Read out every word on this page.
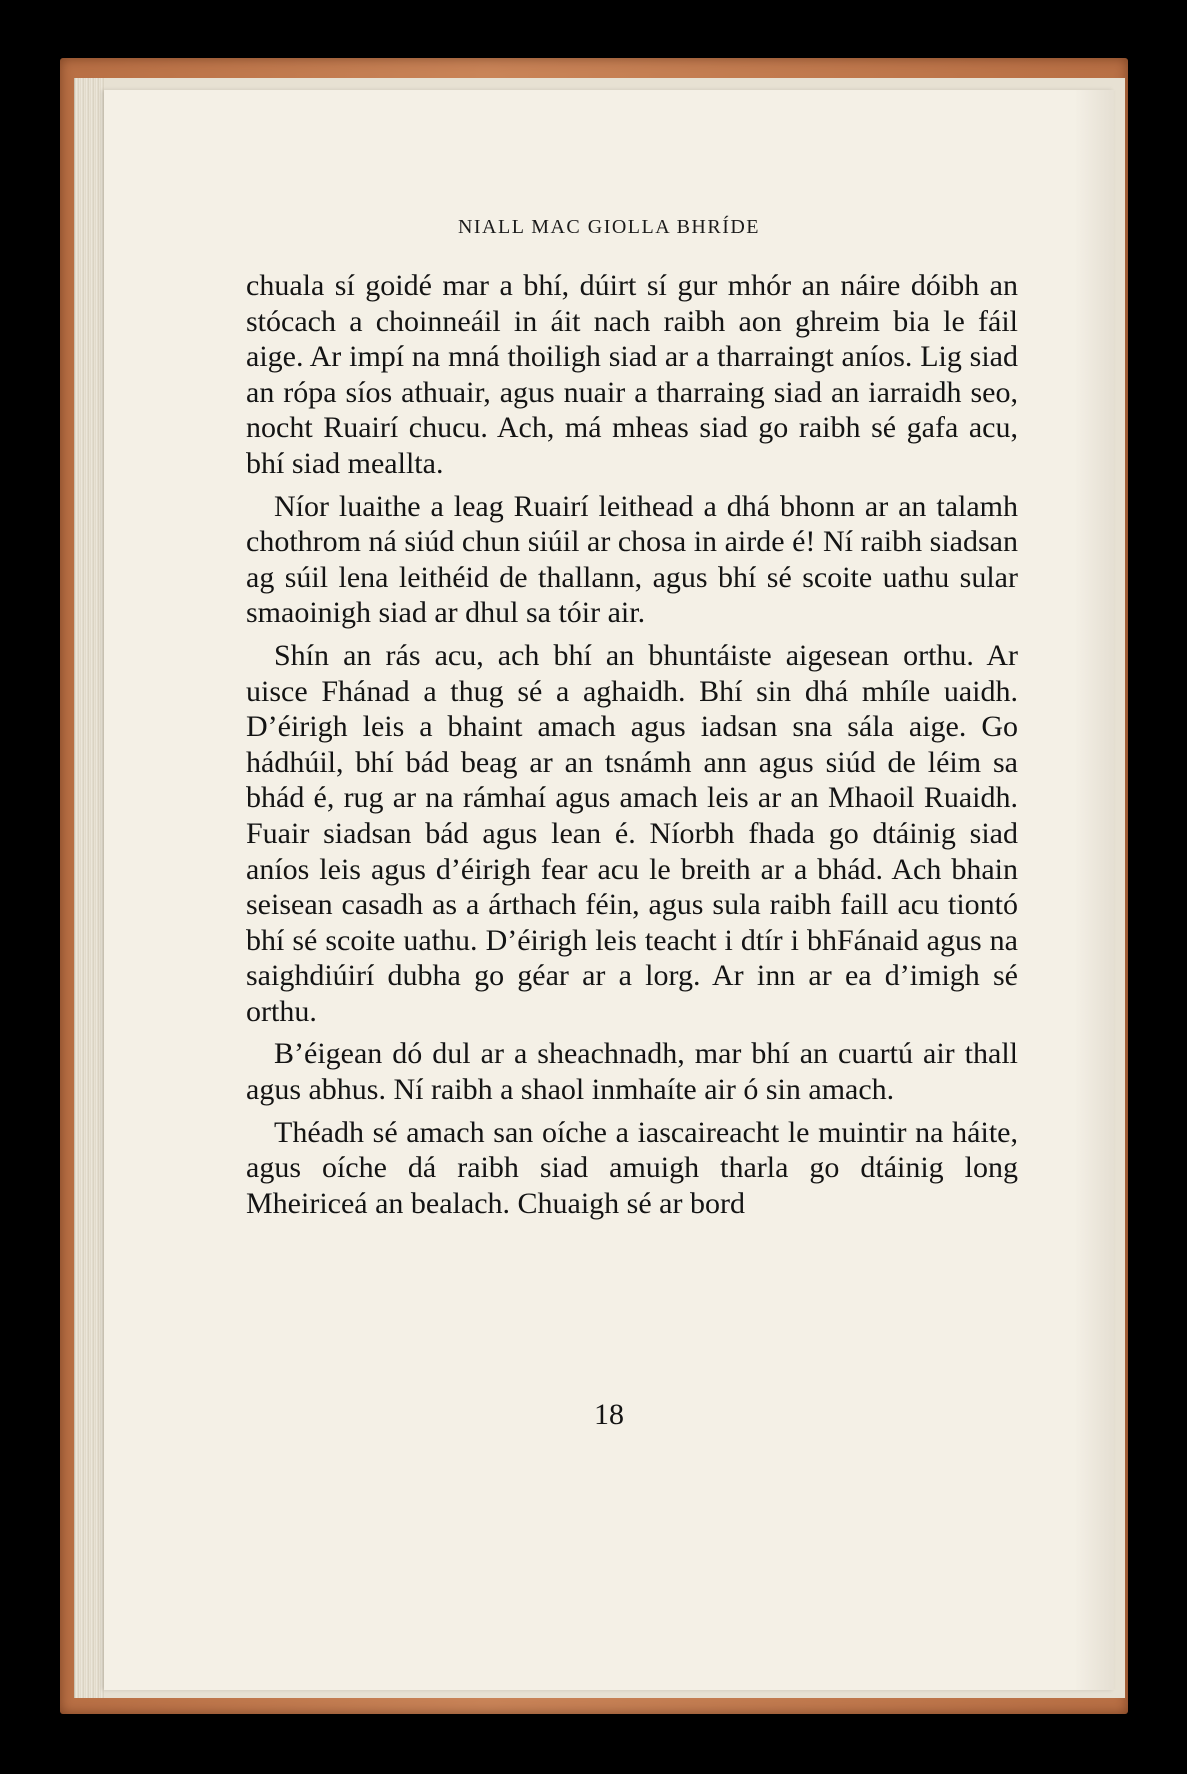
NIALL MAC GIOLLA BHRÍDE

chuala sí goidé mar a bhí, dúirt sí gur mhór an náire dóibh an stócach a choinneáil in áit nach raibh aon ghreim bia le fáil aige. Ar impí na mná thoiligh siad ar a tharraingt aníos. Lig siad an rópa síos athuair, agus nuair a tharraing siad an iarraidh seo, nocht Ruairí chucu. Ach, má mheas siad go raibh sé gafa acu, bhí siad meallta.

Níor luaithe a leag Ruairí leithead a dhá bhonn ar an talamh chothrom ná siúd chun siúil ar chosa in airde é! Ní raibh siadsan ag súil lena leithéid de thallann, agus bhí sé scoite uathu sular smaoinigh siad ar dhul sa tóir air.

Shín an rás acu, ach bhí an bhuntáiste aigesean orthu. Ar uisce Fhánad a thug sé a aghaidh. Bhí sin dhá mhíle uaidh. D’éirigh leis a bhaint amach agus iadsan sna sála aige. Go hádhúil, bhí bád beag ar an tsnámh ann agus siúd de léim sa bhád é, rug ar na rámhaí agus amach leis ar an Mhaoil Ruaidh. Fuair siadsan bád agus lean é. Níorbh fhada go dtáinig siad aníos leis agus d’éirigh fear acu le breith ar a bhád. Ach bhain seisean casadh as a árthach féin, agus sula raibh faill acu tiontó bhí sé scoite uathu. D’éirigh leis teacht i dtír i bhFánaid agus na saighdiúirí dubha go géar ar a lorg. Ar inn ar ea d’imigh sé orthu.

B’éigean dó dul ar a sheachnadh, mar bhí an cuartú air thall agus abhus. Ní raibh a shaol inmhaíte air ó sin amach.

Théadh sé amach san oíche a iascaireacht le muintir na háite, agus oíche dá raibh siad amuigh tharla go dtáinig long Mheiriceá an bealach. Chuaigh sé ar bord

18
